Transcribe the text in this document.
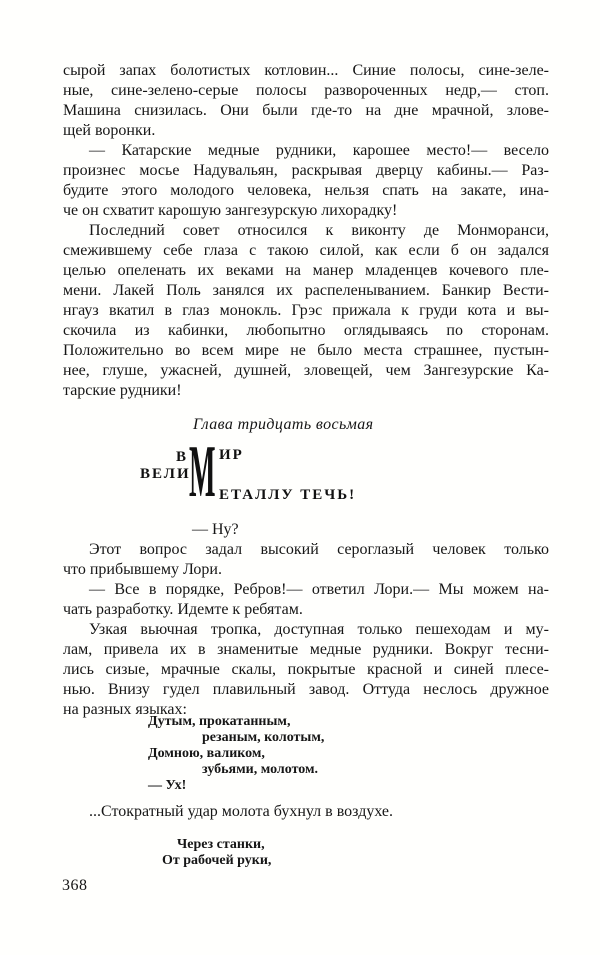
сырой запах болотистых котловин... Синие полосы, сине-зеле-
ные, сине-зелено-серые полосы развороченных недр,— стоп.
Машина снизилась. Они были где-то на дне мрачной, злове-
щей воронки.
— Катарские медные рудники, карошее место!— весело
произнес мосье Надувальян, раскрывая дверцу кабины.— Раз-
будите этого молодого человека, нельзя спать на закате, ина-
че он схватит карошую зангезурскую лихорадку!
Последний совет относился к виконту де Монморанси,
смежившему себе глаза с такою силой, как если б он задался
целью опеленать их веками на манер младенцев кочевого пле-
мени. Лакей Поль занялся их распеленыванием. Банкир Вести-
нгауз вкатил в глаз монокль. Грэс прижала к груди кота и вы-
скочила из кабинки, любопытно оглядываясь по сторонам.
Положительно во всем мире не было места страшнее, пустын-
нее, глуше, ужасней, душней, зловещей, чем Зангезурские Ка-
тарские рудники!
Глава тридцать восьмая
М
В ИР
ВЕЛИ
ЕТАЛЛУ ТЕЧЬ!
— Ну?
Этот вопрос задал высокий сероглазый человек только
что прибывшему Лори.
— Все в порядке, Ребров!— ответил Лори.— Мы можем на-
чать разработку. Идемте к ребятам.
Узкая вьючная тропка, доступная только пешеходам и му-
лам, привела их в знаменитые медные рудники. Вокруг тесни-
лись сизые, мрачные скалы, покрытые красной и синей плесе-
нью. Внизу гудел плавильный завод. Оттуда неслось дружное
на разных языках:
Дутым, прокатанным,
резаным, колотым,
Домною, валиком,
зубьями, молотом.
— Ух!
...Стократный удар молота бухнул в воздухе.
Через станки,
От рабочей руки,
368
